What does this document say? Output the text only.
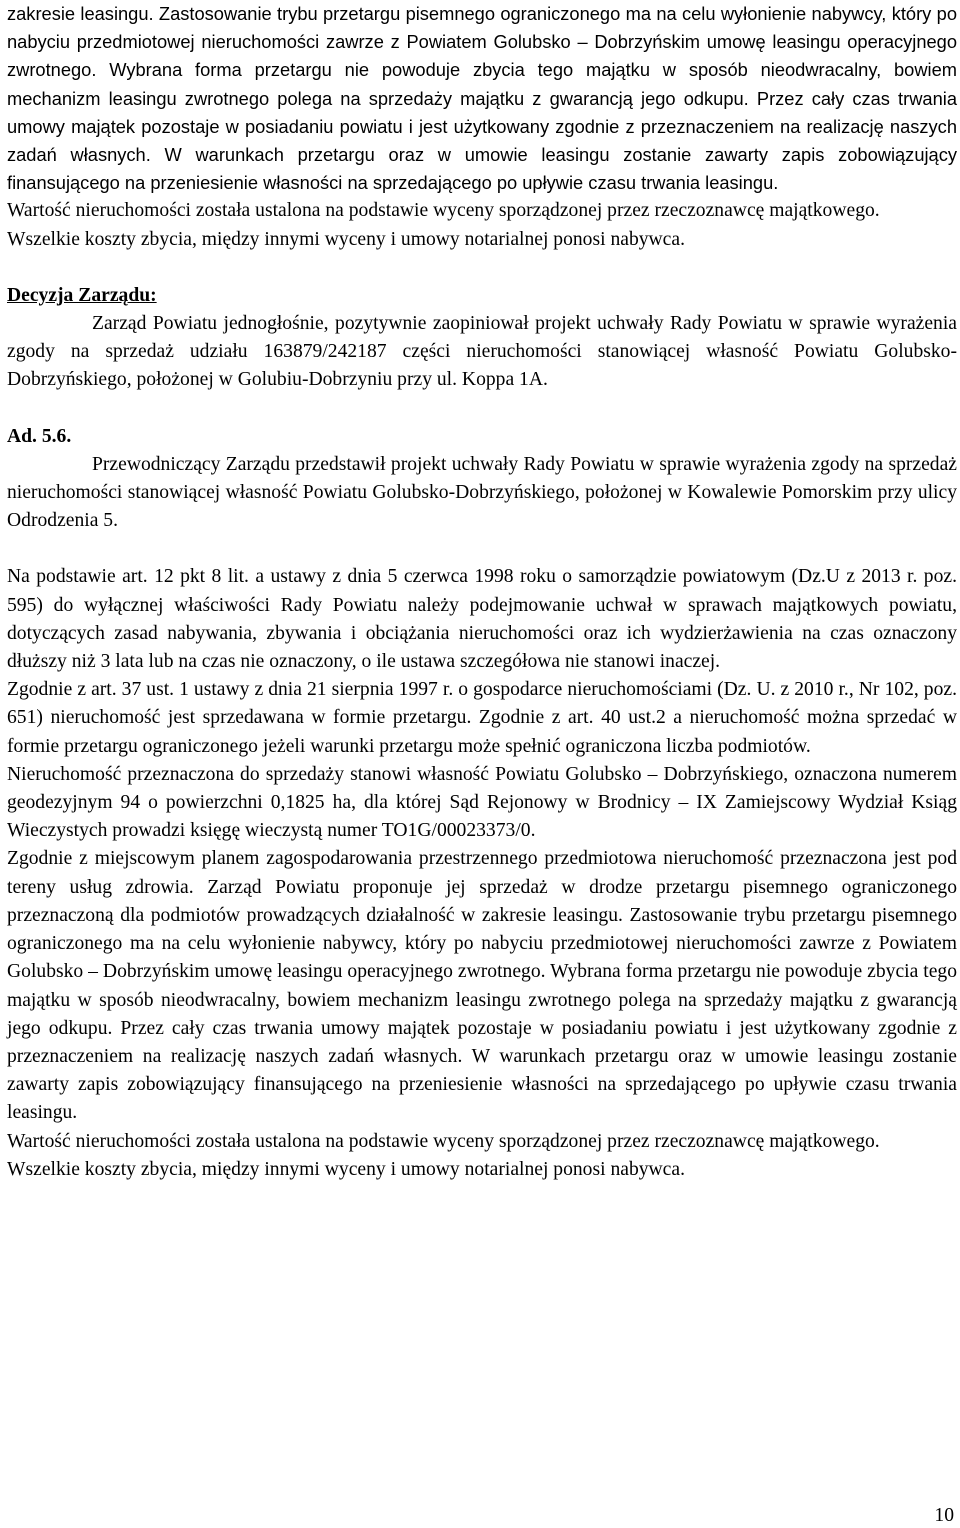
zakresie leasingu. Zastosowanie trybu przetargu pisemnego ograniczonego ma na celu wyłonienie nabywcy, który po nabyciu przedmiotowej nieruchomości zawrze z Powiatem Golubsko – Dobrzyńskim umowę leasingu operacyjnego zwrotnego. Wybrana forma przetargu nie powoduje zbycia tego majątku w sposób nieodwracalny, bowiem mechanizm leasingu zwrotnego polega na sprzedaży majątku z gwarancją jego odkupu. Przez cały czas trwania umowy majątek pozostaje w posiadaniu powiatu i jest użytkowany zgodnie z przeznaczeniem na realizację naszych zadań własnych. W warunkach przetargu oraz w umowie leasingu zostanie zawarty zapis zobowiązujący finansującego na przeniesienie własności na sprzedającego po upływie czasu trwania leasingu.

Wartość nieruchomości została ustalona na podstawie wyceny sporządzonej przez rzeczoznawcę majątkowego.

Wszelkie koszty zbycia, między innymi wyceny i umowy notarialnej ponosi nabywca.

Decyzja Zarządu:

Zarząd Powiatu jednogłośnie, pozytywnie zaopiniował projekt uchwały Rady Powiatu w sprawie wyrażenia zgody na sprzedaż udziału 163879/242187 części nieruchomości stanowiącej własność Powiatu Golubsko-Dobrzyńskiego, położonej w Golubiu-Dobrzyniu przy ul. Koppa 1A.

Ad. 5.6.

Przewodniczący Zarządu przedstawił projekt uchwały Rady Powiatu w sprawie wyrażenia zgody na sprzedaż nieruchomości stanowiącej własność Powiatu Golubsko-Dobrzyńskiego, położonej w Kowalewie Pomorskim przy ulicy Odrodzenia 5.

Na podstawie art. 12 pkt 8 lit. a ustawy z dnia 5 czerwca 1998 roku o samorządzie powiatowym (Dz.U z 2013 r. poz. 595) do wyłącznej właściwości Rady Powiatu należy podejmowanie uchwał w sprawach majątkowych powiatu, dotyczących zasad nabywania, zbywania i obciążania nieruchomości oraz ich wydzierżawienia na czas oznaczony dłuższy niż 3 lata lub na czas nie oznaczony, o ile ustawa szczegółowa nie stanowi inaczej.

Zgodnie z art. 37 ust. 1 ustawy z dnia 21 sierpnia 1997 r. o gospodarce nieruchomościami (Dz. U. z 2010 r., Nr 102, poz. 651) nieruchomość jest sprzedawana w formie przetargu. Zgodnie z art. 40 ust.2 a nieruchomość można sprzedać w formie przetargu ograniczonego jeżeli warunki przetargu może spełnić ograniczona liczba podmiotów.

Nieruchomość przeznaczona do sprzedaży stanowi własność Powiatu Golubsko – Dobrzyńskiego, oznaczona numerem geodezyjnym 94 o powierzchni 0,1825 ha, dla której Sąd Rejonowy w Brodnicy – IX Zamiejscowy Wydział Ksiąg Wieczystych prowadzi księgę wieczystą numer TO1G/00023373/0.

Zgodnie z miejscowym planem zagospodarowania przestrzennego przedmiotowa nieruchomość przeznaczona jest pod tereny usług zdrowia. Zarząd Powiatu proponuje jej sprzedaż w drodze przetargu pisemnego ograniczonego przeznaczoną dla podmiotów prowadzących działalność w zakresie leasingu. Zastosowanie trybu przetargu pisemnego ograniczonego ma na celu wyłonienie nabywcy, który po nabyciu przedmiotowej nieruchomości zawrze z Powiatem Golubsko – Dobrzyńskim umowę leasingu operacyjnego zwrotnego. Wybrana forma przetargu nie powoduje zbycia tego majątku w sposób nieodwracalny, bowiem mechanizm leasingu zwrotnego polega na sprzedaży majątku z gwarancją jego odkupu. Przez cały czas trwania umowy majątek pozostaje w posiadaniu powiatu i jest użytkowany zgodnie z przeznaczeniem na realizację naszych zadań własnych. W warunkach przetargu oraz w umowie leasingu zostanie zawarty zapis zobowiązujący finansującego na przeniesienie własności na sprzedającego po upływie czasu trwania leasingu.

Wartość nieruchomości została ustalona na podstawie wyceny sporządzonej przez rzeczoznawcę majątkowego.

Wszelkie koszty zbycia, między innymi wyceny i umowy notarialnej ponosi nabywca.

10
